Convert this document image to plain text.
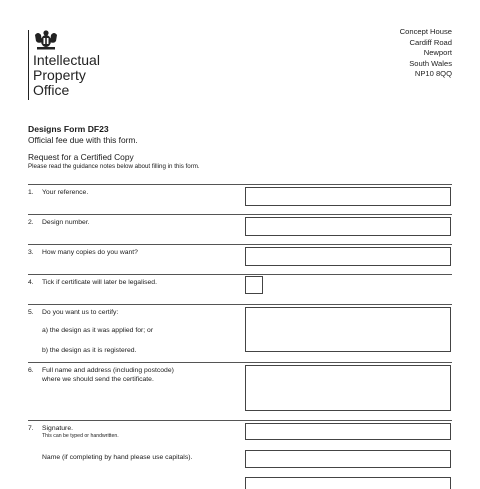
Intellectual
Property
Office
Concept House
Cardiff Road
Newport
South Wales
NP10 8QQ
Designs Form DF23
Official fee due with this form.
Request for a Certified Copy
Please read the guidance notes below about filling in this form.
1. Your reference.
2. Design number.
3. How many copies do you want?
4. Tick if certificate will later be legalised.
5. Do you want us to certify:
a) the design as it was applied for; or
b) the design as it is registered.
6. Full name and address (including postcode)
where we should send the certificate.
7. Signature.
This can be typed or handwritten.
Name (if completing by hand please use capitals).
